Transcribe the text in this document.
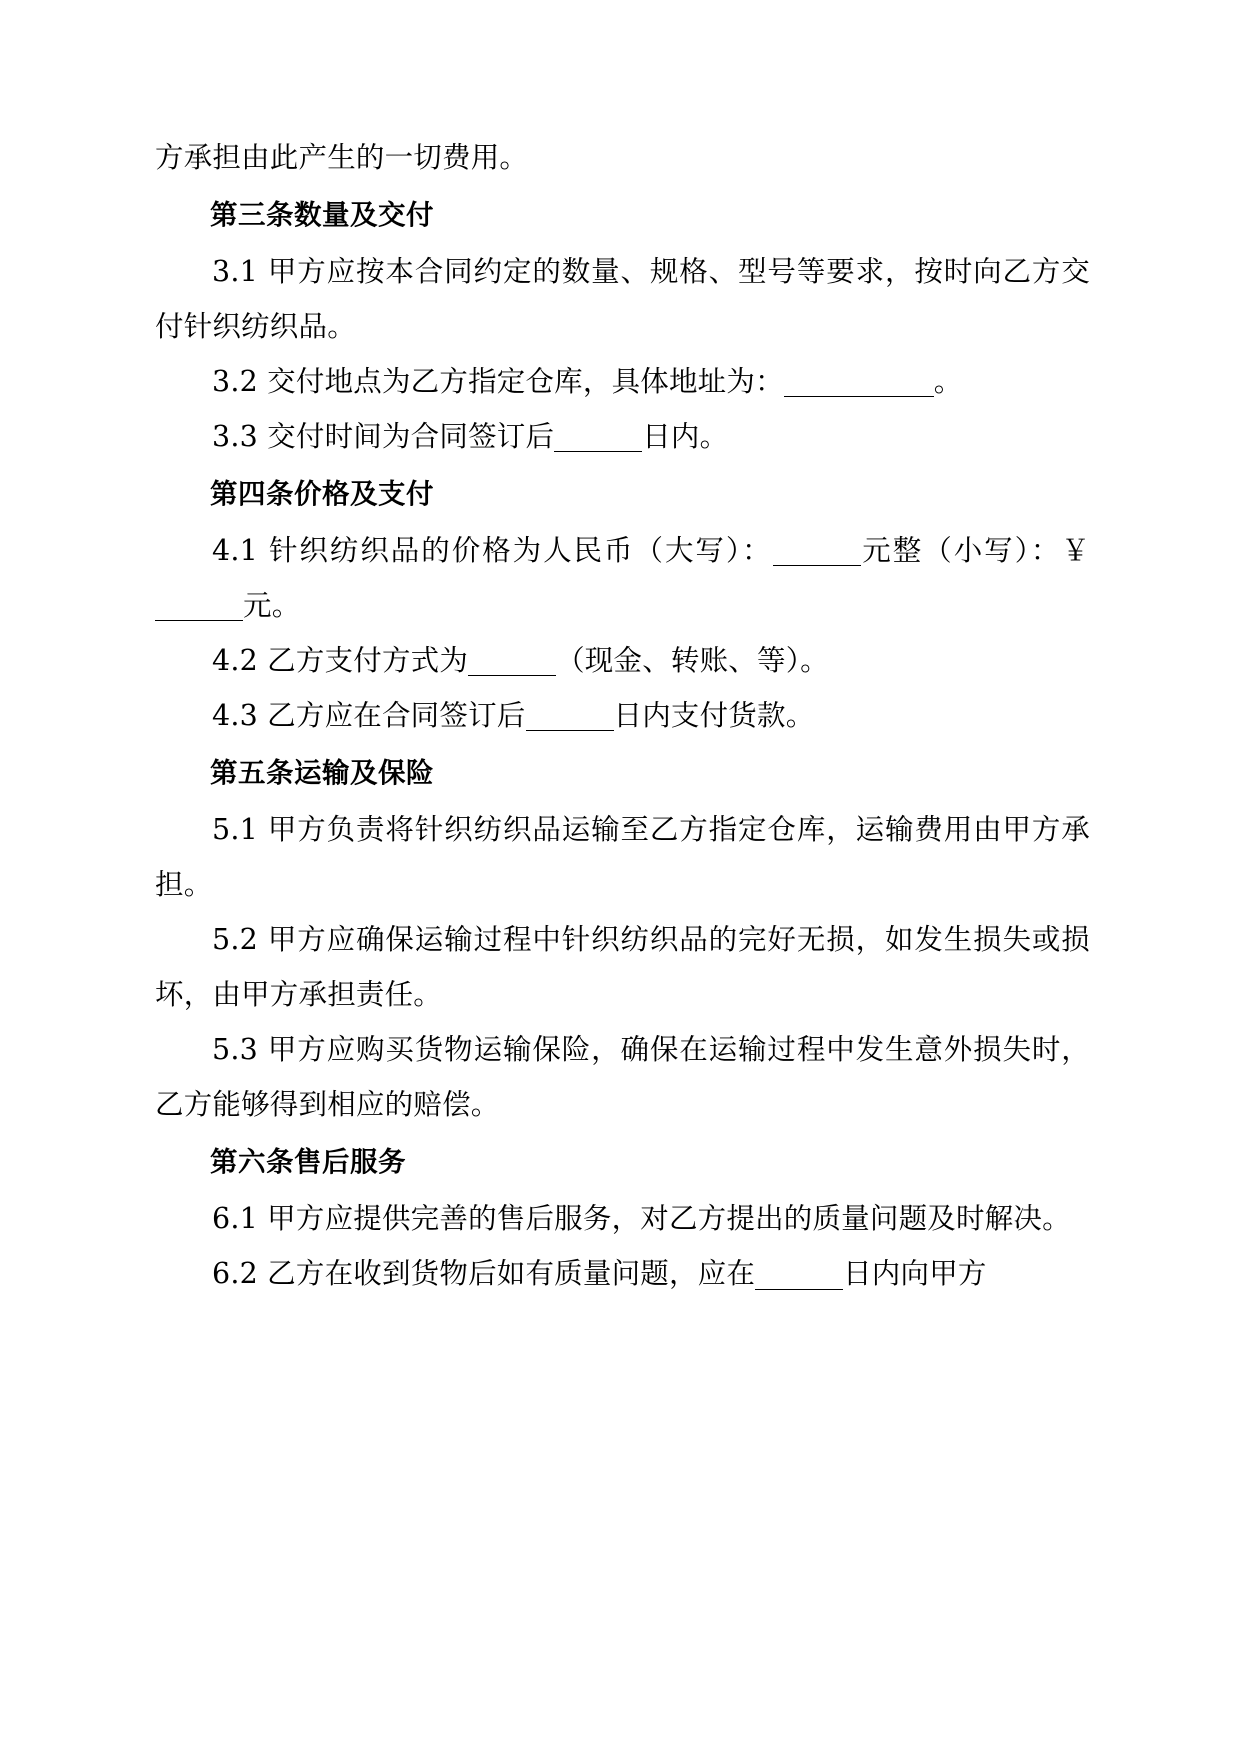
方承担由此产生的一切费用。

第三条数量及交付

3.1 甲方应按本合同约定的数量、规格、型号等要求，按时向乙方交付针织纺织品。

3.2 交付地点为乙方指定仓库，具体地址为：	。

3.3 交付时间为合同签订后	日内。

第四条价格及支付

4.1 针织纺织品的价格为人民币（大写）：	元整（小写）：￥元。

4.2 乙方支付方式为	（现金、转账、等）。

4.3 乙方应在合同签订后	日内支付货款。

第五条运输及保险

5.1 甲方负责将针织纺织品运输至乙方指定仓库，运输费用由甲方承担。

5.2 甲方应确保运输过程中针织纺织品的完好无损，如发生损失或损坏，由甲方承担责任。

5.3 甲方应购买货物运输保险，确保在运输过程中发生意外损失时，乙方能够得到相应的赔偿。

第六条售后服务

6.1 甲方应提供完善的售后服务，对乙方提出的质量问题及时解决。

6.2 乙方在收到货物后如有质量问题，应在	日内向甲方
